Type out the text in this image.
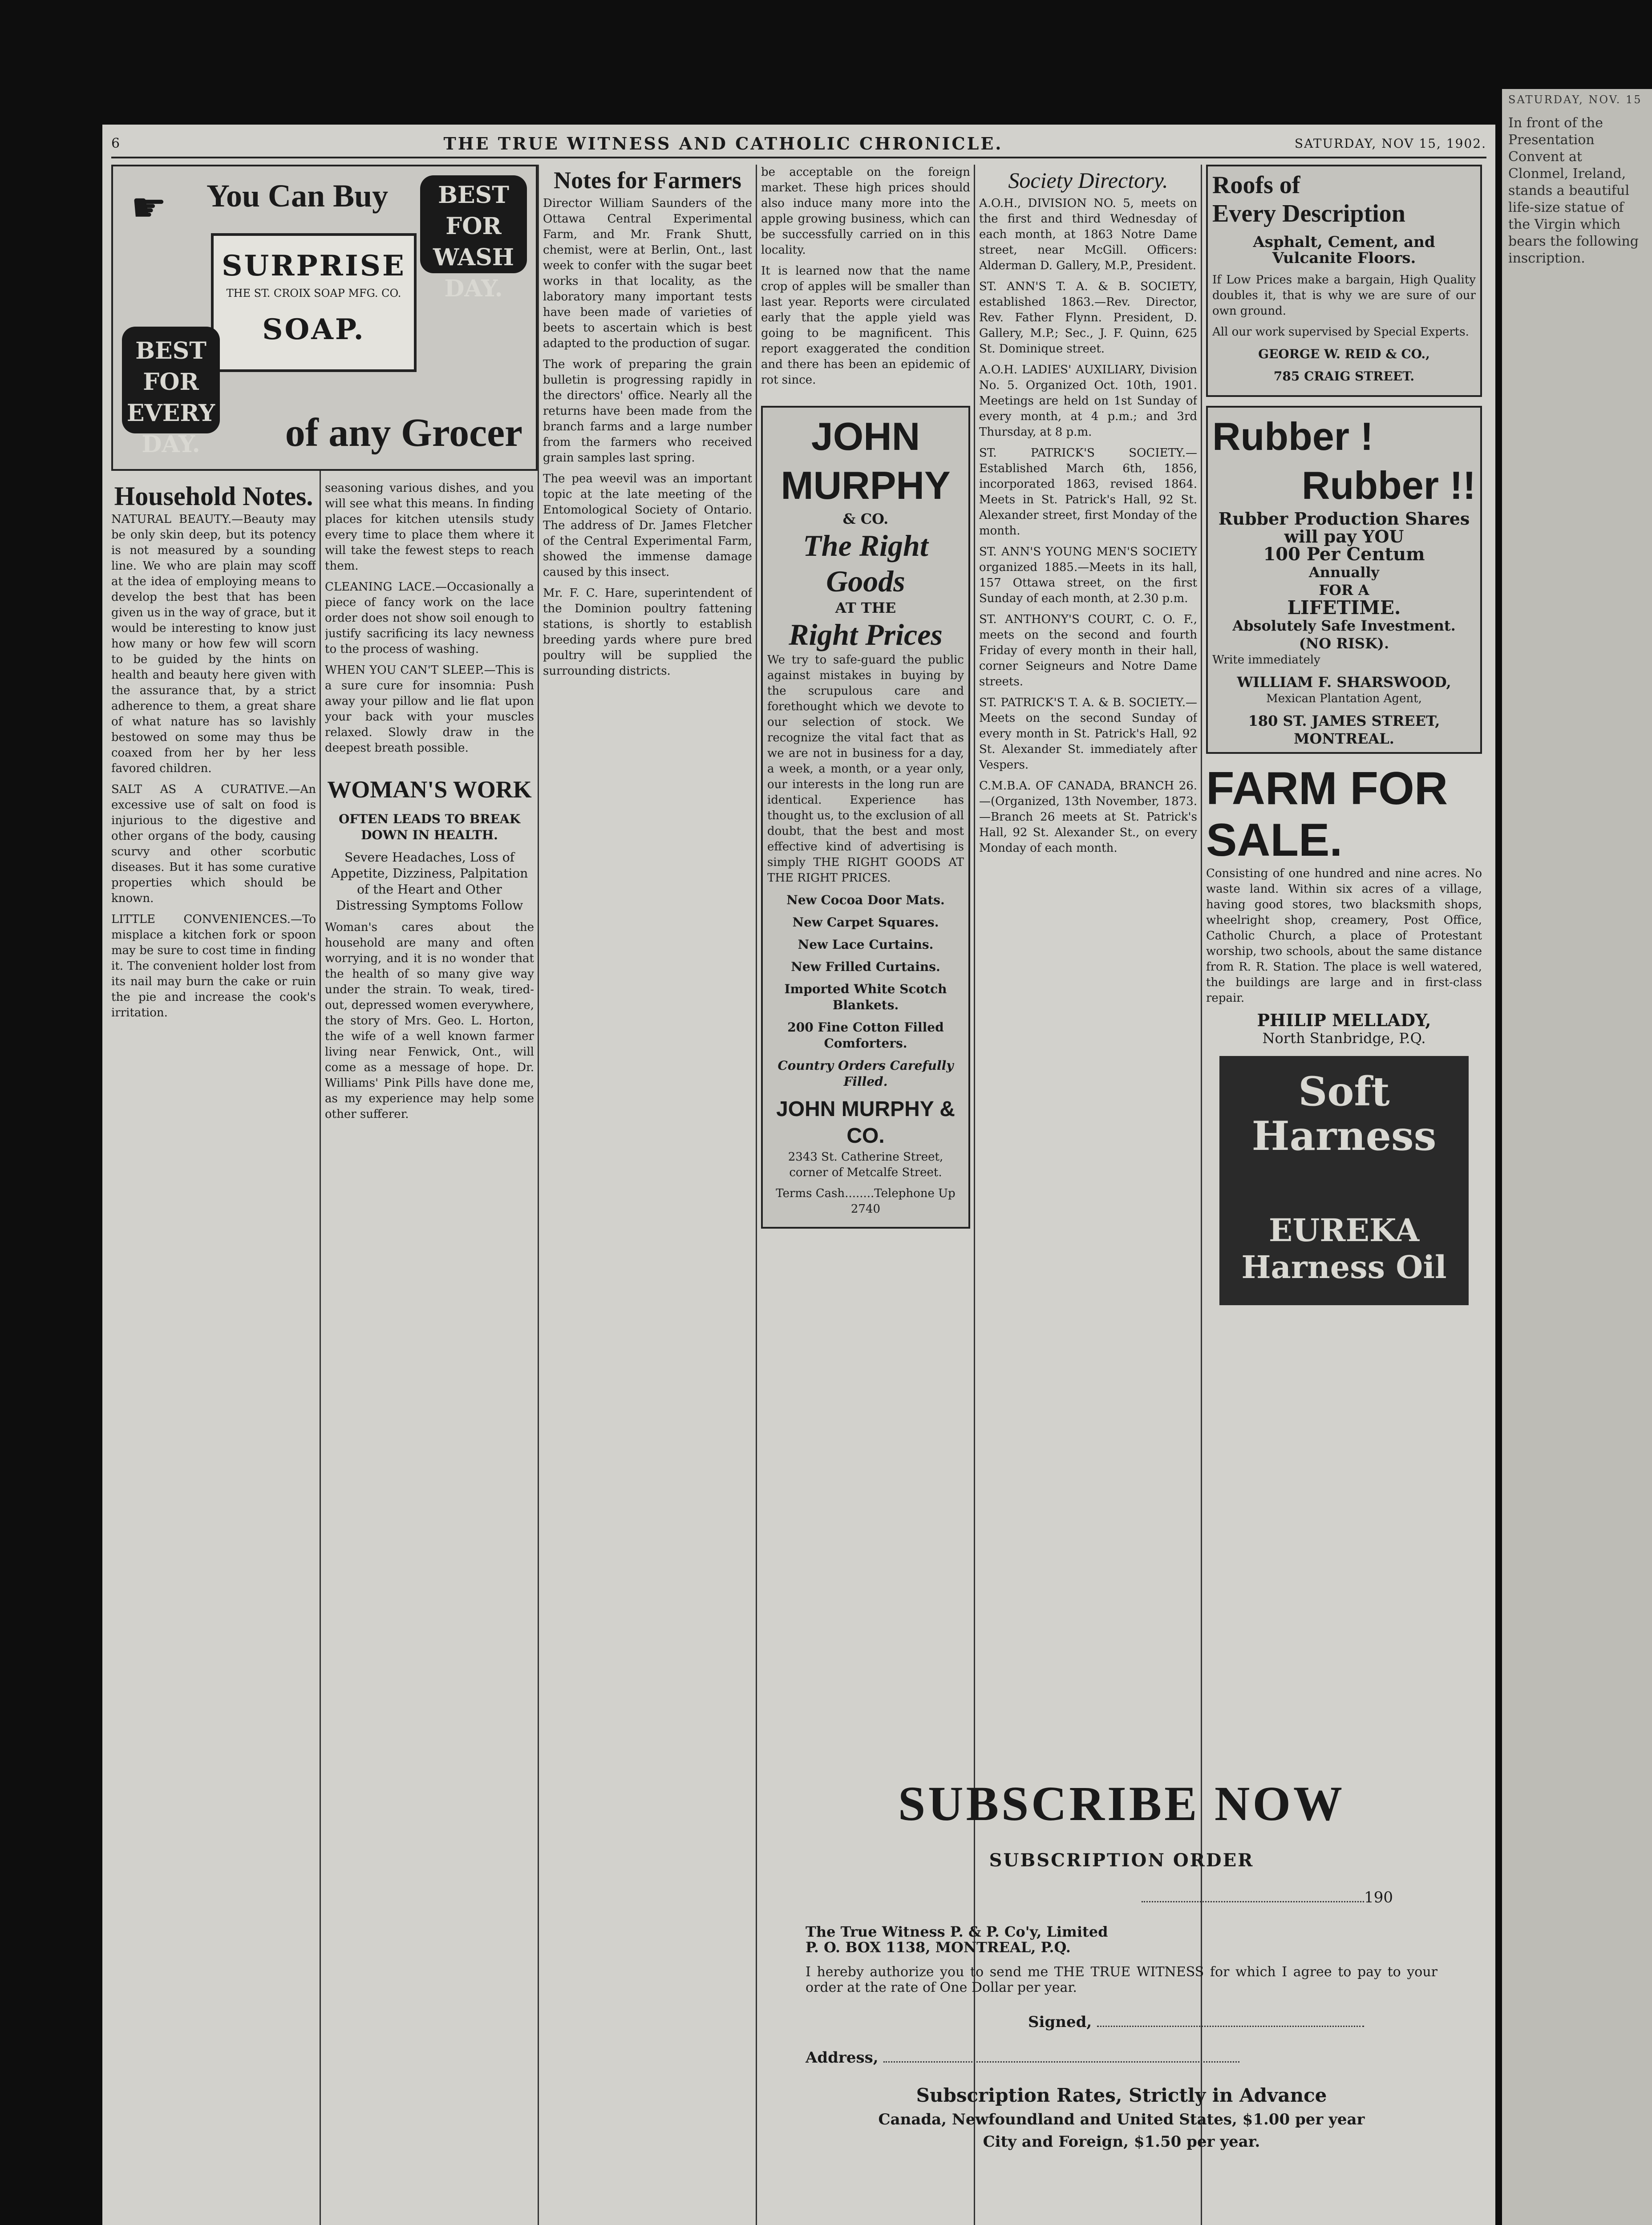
6	THE TRUE WITNESS AND CATHOLIC CHRONICLE.	SATURDAY, NOV 15, 1902.
☛ You Can Buy	BEST FOR WASH DAY.
SURPRISE
THE ST. CROIX SOAP MFG. CO.
SOAP.
BEST FOR EVERY DAY.	of any Grocer
Household Notes.

NATURAL BEAUTY.—Beauty may be only skin deep, but its potency is not measured by a sounding line. We who are plain may scoff at the idea of employing means to develop the best that has been given us in the way of grace, but it would be interesting to know just how many or how few will scorn to be guided by the hints on health and beauty here given with the assurance that, by a strict adherence to them, a great share of what nature has so lavishly bestowed on some may thus be coaxed from her by her less favored children.

SALT AS A CURATIVE.—An excessive use of salt on food is injurious to the digestive and other organs of the body, causing scurvy and other scorbutic diseases. But it has some curative properties which should be known.

LITTLE CONVENIENCES.—To misplace a kitchen fork or spoon may be sure to cost time in finding it. The convenient holder lost from its nail may burn the cake or ruin the pie and increase the cook's irritation.

seasoning various dishes, and you will see what this means. In finding places for kitchen utensils study every time to place them where it will take the fewest steps to reach them.

CLEANING LACE.—Occasionally a piece of fancy work on the lace order does not show soil enough to justify sacrificing its lacy newness to the process of washing.

WHEN YOU CAN'T SLEEP.—This is a sure cure for insomnia: Push away your pillow and lie flat upon your back with your muscles relaxed. Slowly draw in the deepest breath possible.

WOMAN'S WORK
OFTEN LEADS TO BREAK DOWN IN HEALTH.
Severe Headaches, Loss of Appetite, Dizziness, Palpitation of the Heart and Other Distressing Symptoms Follow

Woman's cares about the household are many and often worrying, and it is no wonder that the health of so many give way under the strain. To weak, tired-out, depressed women everywhere, the story of Mrs. Geo. L. Horton, the wife of a well known farmer living near Fenwick, Ont., will come as a message of hope. Dr. Williams' Pink Pills have done me, as my experience may help some other sufferer.

Notes for Farmers

Director William Saunders of the Ottawa Central Experimental Farm, and Mr. Frank Shutt, chemist, were at Berlin, Ont., last week to confer with the sugar beet works in that locality, as the laboratory many important tests have been made of varieties of beets to ascertain which is best adapted to the production of sugar.

The work of preparing the grain bulletin is progressing rapidly in the directors' office. Nearly all the returns have been made from the branch farms and a large number from the farmers who received grain samples last spring.

The pea weevil was an important topic at the late meeting of the Entomological Society of Ontario. The address of Dr. James Fletcher of the Central Experimental Farm, showed the immense damage caused by this insect.

Mr. F. C. Hare, superintendent of the Dominion poultry fattening stations, is shortly to establish breeding yards where pure bred poultry will be supplied the surrounding districts.

be acceptable on the foreign market. These high prices should also induce many more into the apple growing business, which can be successfully carried on in this locality.

It is learned now that the name crop of apples will be smaller than last year. Reports were circulated early that the apple yield was going to be magnificent. This report exaggerated the condition and there has been an epidemic of rot since.

JOHN MURPHY
& CO.
The Right Goods
AT THE
Right Prices

We try to safe-guard the public against mistakes in buying by the scrupulous care and forethought which we devote to our selection of stock. We recognize the vital fact that as we are not in business for a day, a week, a month, or a year only, our interests in the long run are identical. Experience has thought us, to the exclusion of all doubt, that the best and most effective kind of advertising is simply THE RIGHT GOODS AT THE RIGHT PRICES.

New Cocoa Door Mats.
New Carpet Squares.
New Lace Curtains.
New Frilled Curtains.
Imported White Scotch Blankets.
200 Fine Cotton Filled Comforters.
Country Orders Carefully Filled.
JOHN MURPHY & CO.
2343 St. Catherine Street, corner of Metcalfe Street.
Terms Cash........Telephone Up 2740
Society Directory.

A.O.H., DIVISION NO. 5, meets on the first and third Wednesday of each month, at 1863 Notre Dame street, near McGill. Officers: Alderman D. Gallery, M.P., President.

ST. ANN'S T. A. & B. SOCIETY, established 1863.—Rev. Director, Rev. Father Flynn. President, D. Gallery, M.P.; Sec., J. F. Quinn, 625 St. Dominique street.

A.O.H. LADIES' AUXILIARY, Division No. 5. Organized Oct. 10th, 1901. Meetings are held on 1st Sunday of every month, at 4 p.m.; and 3rd Thursday, at 8 p.m.

ST. PATRICK'S SOCIETY.—Established March 6th, 1856, incorporated 1863, revised 1864. Meets in St. Patrick's Hall, 92 St. Alexander street, first Monday of the month.

ST. ANN'S YOUNG MEN'S SOCIETY organized 1885.—Meets in its hall, 157 Ottawa street, on the first Sunday of each month, at 2.30 p.m.

ST. ANTHONY'S COURT, C. O. F., meets on the second and fourth Friday of every month in their hall, corner Seigneurs and Notre Dame streets.

ST. PATRICK'S T. A. & B. SOCIETY.—Meets on the second Sunday of every month in St. Patrick's Hall, 92 St. Alexander St. immediately after Vespers.

C.M.B.A. OF CANADA, BRANCH 26.—(Organized, 13th November, 1873.—Branch 26 meets at St. Patrick's Hall, 92 St. Alexander St., on every Monday of each month.

Roofs of
Every Description
Asphalt, Cement, and Vulcanite Floors.

If Low Prices make a bargain, High Quality doubles it, that is why we are sure of our own ground.

All our work supervised by Special Experts.

GEORGE W. REID & CO.,
785 CRAIG STREET.
Rubber !
Rubber !!
Rubber Production Shares will pay YOU
100 Per Centum
Annually
FOR A
LIFETIME.
Absolutely Safe Investment.
(NO RISK).
Write immediately
WILLIAM F. SHARSWOOD,
Mexican Plantation Agent,
180 ST. JAMES STREET, MONTREAL.
FARM FOR SALE.

Consisting of one hundred and nine acres. No waste land. Within six acres of a village, having good stores, two blacksmith shops, wheelright shop, creamery, Post Office, Catholic Church, a place of Protestant worship, two schools, about the same distance from R. R. Station. The place is well watered, the buildings are large and in first-class repair.

PHILIP MELLADY,
North Stanbridge, P.Q.
Soft Harness
EUREKA Harness Oil
SUBSCRIBE NOW
SUBSCRIPTION ORDER
190
The True Witness P. & P. Co'y, Limited
P. O. BOX 1138, MONTREAL, P.Q.
I hereby authorize you to send me THE TRUE WITNESS for which I agree to pay to your order at the rate of One Dollar per year.
Signed,
Address,
Subscription Rates, Strictly in Advance
Canada, Newfoundland and United States, $1.00 per year
City and Foreign, $1.50 per year.
SATURDAY, NOV. 15
In front of the Presentation Convent at Clonmel, Ireland, stands a beautiful life-size statue of the Virgin which bears the following inscription.
